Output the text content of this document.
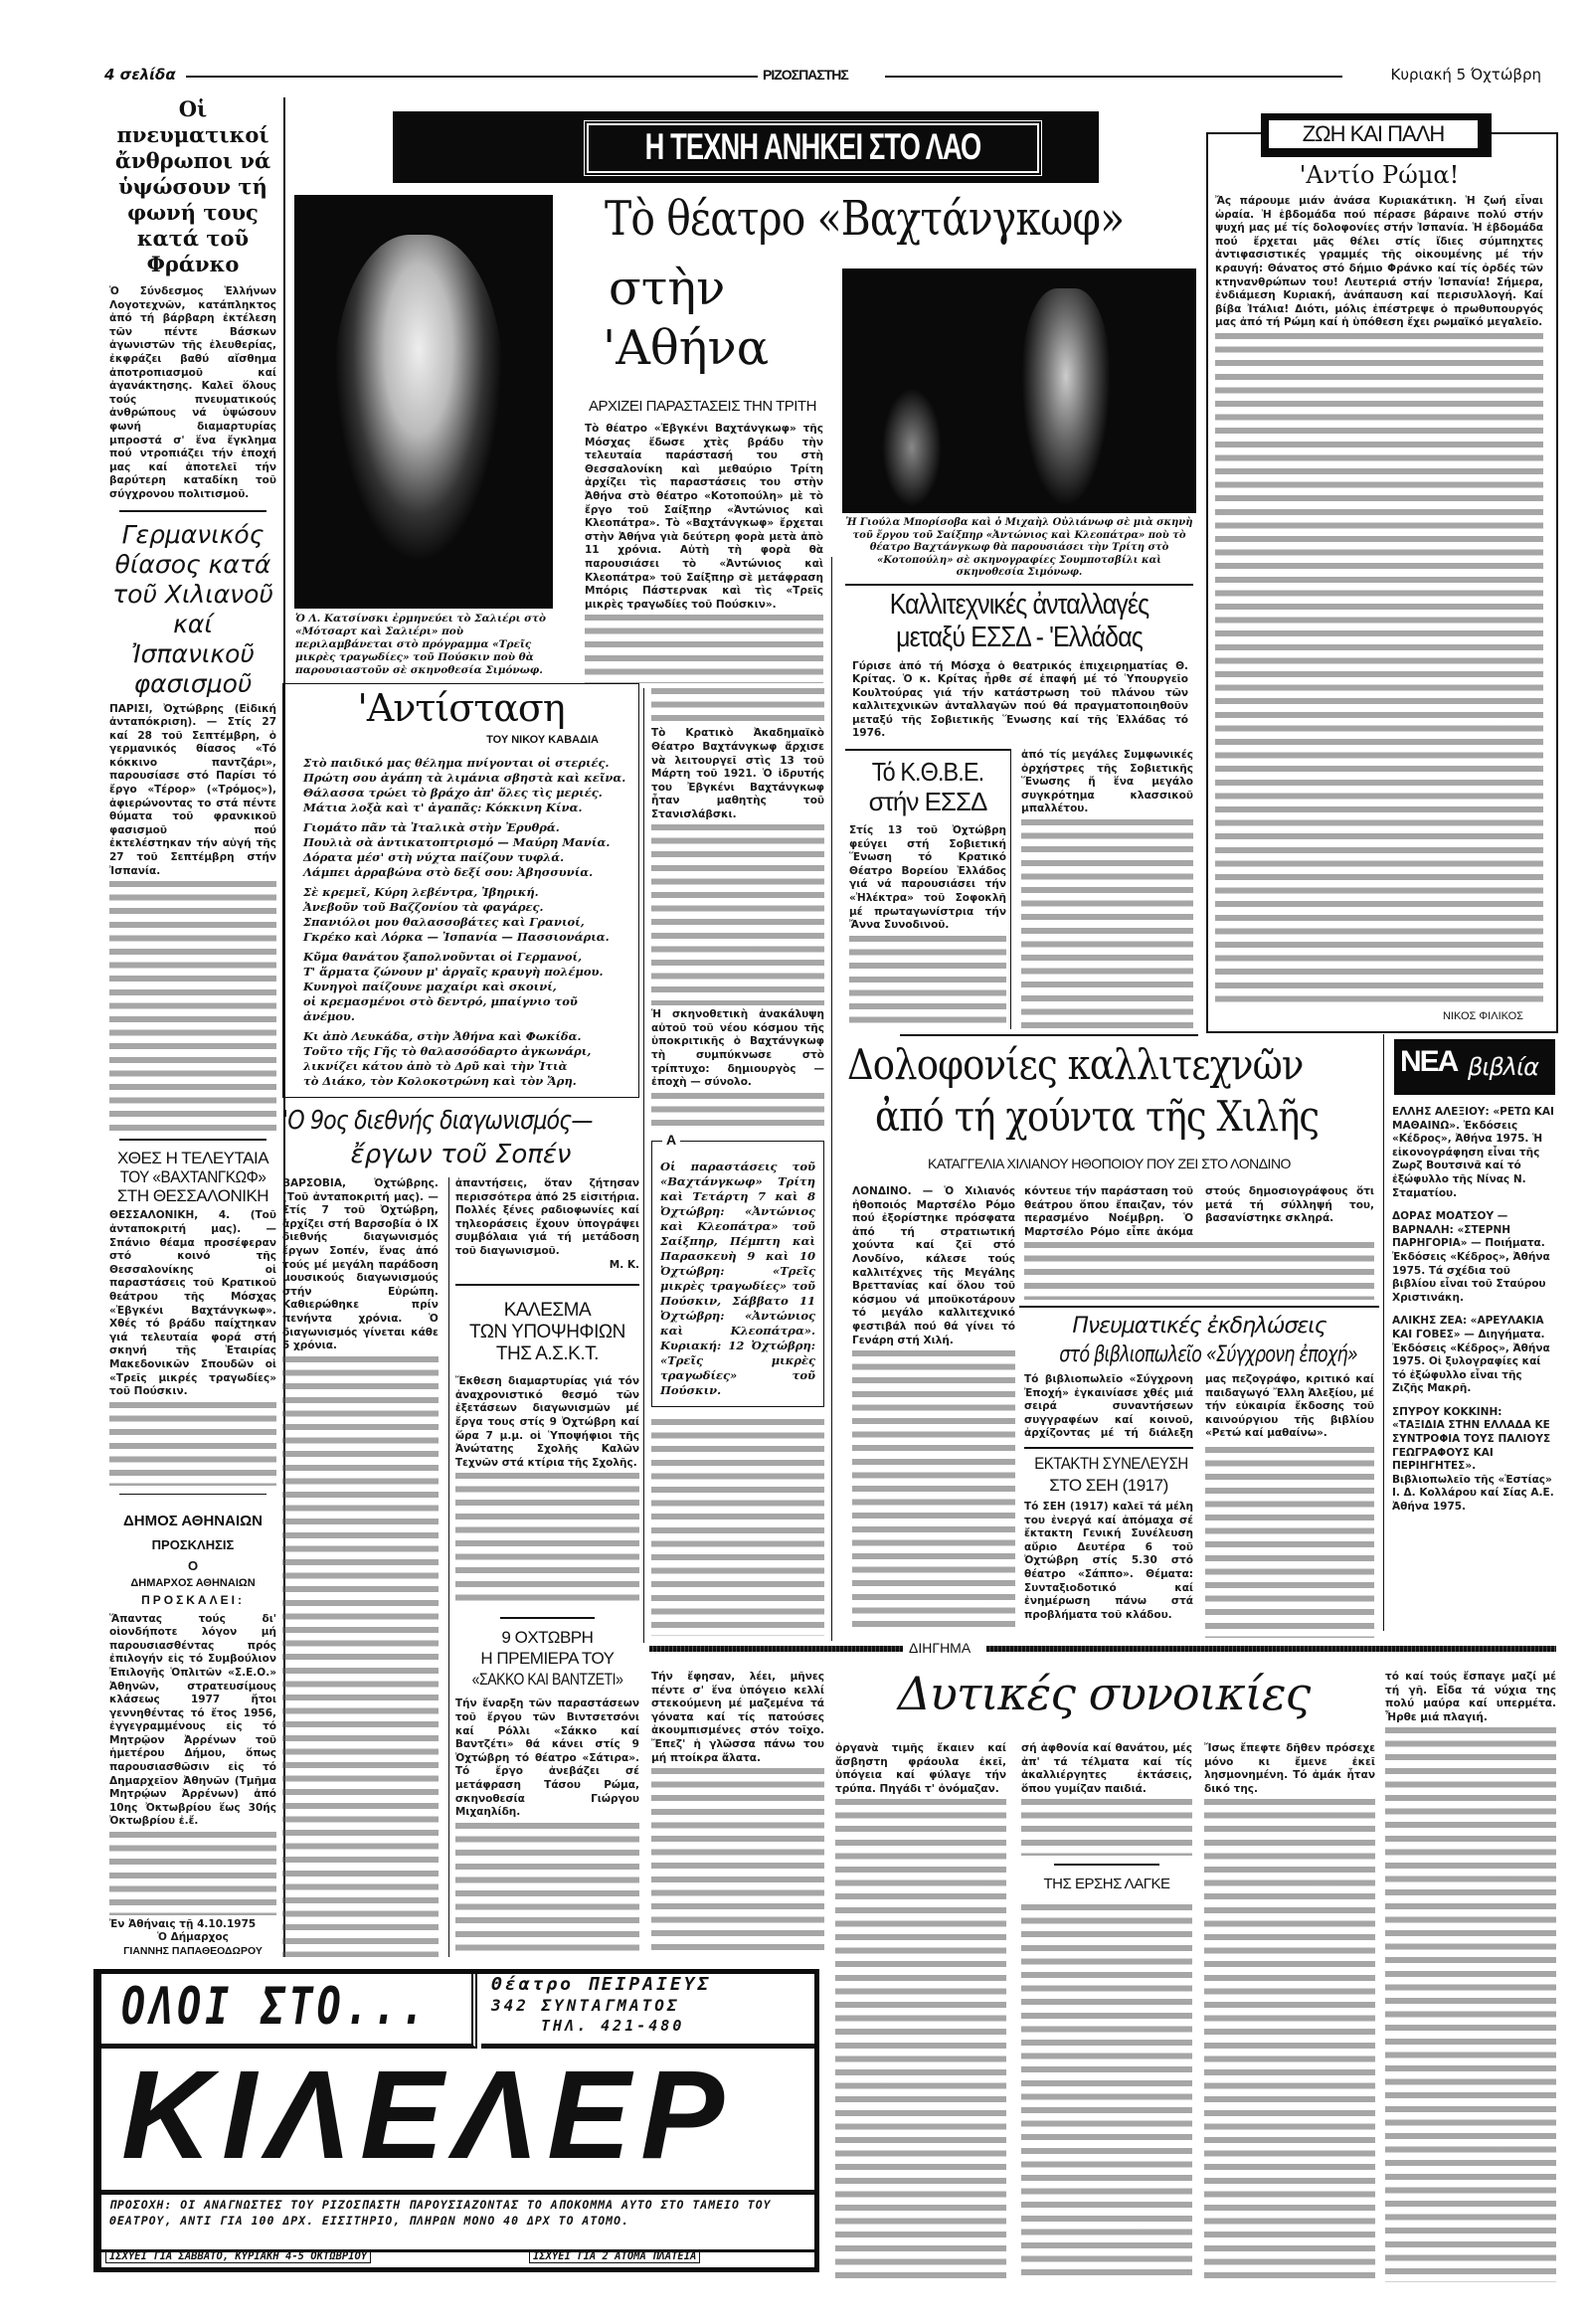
4 σελίδα	ΡΙΖΟΣΠΑΣΤΗΣ	Κυριακή 5 Όχτώβρη
Οἱ πνευματικοί ἄνθρωποι νά ὑψώσουν τή φωνή τους κατά τοῦ Φράνκο
Ὁ Σύνδεσμος Ἑλλήνων Λογοτεχνῶν, κατάπληκτος ἀπό τή βάρβαρη ἐκτέλεση τῶν πέντε Βάσκων ἀγωνιστῶν τῆς ἐλευθερίας, ἐκφράζει βαθύ αἴσθημα ἀποτροπιασμοῦ καί ἀγανάκτησης. Καλεῖ ὅλους τούς πνευματικούς ἀνθρώπους νά ὑψώσουν φωνή διαμαρτυρίας μπροστά σ' ἕνα ἔγκλημα πού ντροπιάζει τήν ἐποχή μας καί ἀποτελεῖ τήν βαρύτερη καταδίκη τοῦ σύγχρονου πολιτισμοῦ.
Γερμανικός θίασος κατά τοῦ Χιλιανοῦ καί Ἰσπανικοῦ φασισμοῦ
ΠΑΡΙΣΙ, Ὀχτώβρης (Εἰδική ἀνταπόκριση). — Στίς 27 καί 28 τοῦ Σεπτέμβρη, ὁ γερμανικός θίασος «Τό κόκκινο παντζάρι», παρουσίασε στό Παρίσι τό ἔργο «Τέρορ» («Τρόμος»), ἀφιερώνοντας το στά πέντε θύματα τοῦ φρανκικοῦ φασισμοῦ πού ἐκτελέστηκαν τήν αὐγή τῆς 27 τοῦ Σεπτέμβρη στήν Ἰσπανία.
ΧΘΕΣ Η ΤΕΛΕΥΤΑΙΑ
ΤΟΥ «ΒΑΧΤΑΝΓΚΩΦ»
ΣΤΗ ΘΕΣΣΑΛΟΝΙΚΗ
ΘΕΣΣΑΛΟΝΙΚΗ, 4. (Τοῦ ἀνταποκριτή μας). — Σπάνιο θέαμα προσέφεραν στό κοινό τῆς Θεσσαλονίκης οἱ παραστάσεις τοῦ Κρατικοῦ θεάτρου τῆς Μόσχας «Ἐβγκένι Βαχτάνγκωφ». Χθές τό βράδυ παίχτηκαν γιά τελευταία φορά στή σκηνή τῆς Ἑταιρίας Μακεδονικῶν Σπουδῶν οἱ «Τρεῖς μικρές τραγωδίες» τοῦ Πούσκιν.
ΔΗΜΟΣ ΑΘΗΝΑΙΩΝ
ΠΡΟΣΚΛΗΣΙΣ
Ο
ΔΗΜΑΡΧΟΣ ΑΘΗΝΑΙΩΝ
ΠΡΟΣΚΑΛΕΙ:
Ἅπαντας τούς δι' οἱονδήποτε λόγον μή παρουσιασθέντας πρός ἐπιλογήν εἰς τό Συμβούλιον Ἐπιλογῆς Ὁπλιτῶν «Σ.Ε.Ο.» Ἀθηνῶν, στρατευσίμους κλάσεως 1977 ἤτοι γεννηθέντας τό ἔτος 1956, ἐγγεγραμμένους εἰς τό Μητρῷον Ἀρρένων τοῦ ἡμετέρου Δήμου, ὅπως παρουσιασθῶσιν εἰς τό Δημαρχεῖον Ἀθηνῶν (Τμῆμα Μητρῴων Ἀρρένων) ἀπό 10ης Ὀκτωβρίου ἕως 30ής Ὀκτωβρίου ἐ.ἔ.
Ἐν Ἀθήναις τῇ 4.10.1975
Ὁ Δήμαρχος
ΓΙΑΝΝΗΣ ΠΑΠΑΘΕΟΔΩΡΟΥ
Η ΤΕΧΝΗ ΑΝΗΚΕΙ ΣΤΟ ΛΑΟ
Τὸ θέατρο «Βαχτάνγκωφ»
στὴν
'Αθήνα
ΑΡΧΙΖΕΙ ΠΑΡΑΣΤΑΣΕΙΣ ΤΗΝ ΤΡΙΤΗ
Τὸ θέατρο «Ἐβγκένι Βαχτάνγκωφ» τῆς Μόσχας ἔδωσε χτὲς βράδυ τὴν τελευταία παράστασή του στὴ Θεσσαλονίκη καὶ μεθαύριο Τρίτη ἀρχίζει τὶς παραστάσεις του στὴν Ἀθήνα στὸ θέατρο «Κοτοπούλη» μὲ τὸ ἔργο τοῦ Σαίξπηρ «Ἀντώνιος καὶ Κλεοπάτρα». Τὸ «Βαχτάνγκωφ» ἔρχεται στὴν Ἀθήνα γιὰ δεύτερη φορὰ μετὰ ἀπὸ 11 χρόνια. Αὐτὴ τὴ φορὰ θὰ παρουσιάσει τὸ «Ἀντώνιος καὶ Κλεοπάτρα» τοῦ Σαίξπηρ σὲ μετάφραση Μπόρις Πάστερνακ καὶ τὶς «Τρεῖς μικρὲς τραγωδίες τοῦ Πούσκιν».
Ἡ Γιούλα Μπορίσοβα καὶ ὁ Μιχαὴλ Οὐλιάνωφ σὲ μιὰ σκηνὴ τοῦ ἔργου τοῦ Σαίξπηρ «Ἀντώνιος καὶ Κλεοπάτρα» ποὺ τὸ θέατρο Βαχτάνγκωφ θὰ παρουσιάσει τὴν Τρίτη στὸ «Κοτοπούλη» σὲ σκηνογραφίες Σουμποτσβίλι καὶ σκηνοθεσία Σιμόνωφ.
Καλλιτεχνικές ἀνταλλαγές
μεταξύ ΕΣΣΔ - 'Ελλάδας
Γύρισε ἀπό τή Μόσχα ὁ θεατρικός ἐπιχειρηματίας Θ. Κρίτας. Ὁ κ. Κρίτας ἦρθε σέ ἐπαφή μέ τό Ὑπουργεῖο Κουλτούρας γιά τήν κατάστρωση τοῦ πλάνου τῶν καλλιτεχνικῶν ἀνταλλαγῶν πού θά πραγματοποιηθοῦν μεταξύ τῆς Σοβιετικῆς Ἕνωσης καί τῆς Ἑλλάδας τό 1976.
Τό Κ.Θ.Β.Ε.
στήν ΕΣΣΔ
Στίς 13 τοῦ Ὀχτώβρη φεύγει στή Σοβιετική Ἕνωση τό Κρατικό Θέατρο Βορείου Ἑλλάδος γιά νά παρουσιάσει τήν «Ἠλέκτρα» τοῦ Σοφοκλῆ μέ πρωταγωνίστρια τήν Ἄννα Συνοδινοῦ.
ἀπό τίς μεγάλες Συμφωνικές ὀρχήστρες τῆς Σοβιετικῆς Ἕνωσης ἤ ἕνα μεγάλο συγκρότημα κλασσικοῦ μπαλλέτου.
ΖΩΗ ΚΑΙ ΠΑΛΗ
'Αντίο Ρώμα!
Ἄς πάρουμε μιάν ἀνάσα Κυριακάτικη. Ἡ ζωή εἶναι ὡραία. Ἡ ἑβδομάδα πού πέρασε βάραινε πολύ στήν ψυχή μας μέ τίς δολοφονίες στήν Ἰσπανία. Ἡ ἑβδομάδα πού ἔρχεται μᾶς θέλει στίς ἴδιες σύμπηχτες ἀντιφασιστικές γραμμές τῆς οἰκουμένης μέ τήν κραυγή: Θάνατος στό δήμιο Φράνκο καί τίς ὀρδές τῶν κτηνανθρώπων του! Λευτεριά στήν Ἰσπανία! Σήμερα, ἐνδιάμεση Κυριακή, ἀνάπαυση καί περισυλλογή. Καί βίβα Ἰτάλια! Διότι, μόλις ἐπέστρεψε ὁ πρωθυπουργός μας ἀπό τή Ρώμη καί ἡ ὑπόθεση ἔχει ρωμαϊκό μεγαλεῖο.
ΝΙΚΟΣ ΦΙΛΙΚΟΣ
Ὁ Λ. Κατσίνσκι ἑρμηνεύει τὸ Σαλιέρι στὸ «Μότσαρτ καὶ Σαλιέρι» ποὺ περιλαμβάνεται στὸ πρόγραμμα «Τρεῖς μικρὲς τραγωδίες» τοῦ Πούσκιν ποὺ θὰ παρουσιαστοῦν σὲ σκηνοθεσία Σιμόνωφ.
'Αντίσταση
ΤΟΥ ΝΙΚΟΥ ΚΑΒΑΔΙΑ
Στὸ παιδικό μας θέλημα πνίγονται οἱ στεριές.
Πρώτη σου ἀγάπη τὰ λιμάνια σβηστὰ καὶ κεῖνα.
Θάλασσα τρώει τὸ βράχο ἀπ' ὅλες τὶς μεριές.
Μάτια λοξὰ καὶ τ' ἀγαπᾶς: Κόκκινη Κίνα.
Γιομάτο πᾶν τὰ Ἰταλικὰ στὴν Ἐρυθρά.
Πουλιὰ σὰ ἀντικατοπτρισμό — Μαύρη Μανία.
Δόρατα μέσ' στὴ νύχτα παίζουν τυφλά.
Λάμπει ἀρραβώνα στὸ δεξί σου: Ἀβησσυνία.
Σὲ κρεμεῖ, Κύρη λεβέντρα, Ἰβηρική.
Ἀνεβοῦν τοῦ Βαζζονίου τὰ φαγάρες.
Σπανιόλοι μου θαλασσοβάτες καὶ Γρανιοί,
Γκρέκο καὶ Λόρκα — Ἰσπανία — Πασσιονάρια.
Κῦμα θανάτου ξαπολνοῦνται οἱ Γερμανοί,
Τ' ἅρματα ζώνουν μ' ἀργαῖς κραυγὴ πολέμου.
Κυνηγοὶ παίζουνε μαχαίρι καὶ σκοινί,
οἱ κρεμασμένοι στὸ δεντρό, μπαίγνιο τοῦ ἀνέμου.
Κι ἀπὸ Λευκάδα, στὴν Ἀθήνα καὶ Φωκίδα.
Τοῦτο τῆς Γῆς τὸ θαλασσόδαρτο ἀγκωνάρι,
λικνίζει κάτου ἀπὸ τὸ Δρῦ καὶ τὴν Ἰτιὰ
τὸ Διάκο, τὸν Κολοκοτρώνη καὶ τὸν Ἄρη.
'Ο 9ος διεθνής διαγωνισμός—
ἔργων τοῦ Σοπέν
ΒΑΡΣΟΒΙΑ, Ὀχτώβρης. (Τοῦ ἀνταποκριτή μας). — Στίς 7 τοῦ Ὀχτώβρη, ἀρχίζει στή Βαρσοβία ὁ ΙΧ διεθνής διαγωνισμός ἔργων Σοπέν, ἕνας ἀπό τούς μέ μεγάλη παράδοση μουσικούς διαγωνισμούς στήν Εὐρώπη. Καθιερώθηκε πρίν πενήντα χρόνια. Ὁ διαγωνισμός γίνεται κάθε 5 χρόνια.
ἀπαντήσεις, ὅταν ζήτησαν περισσότερα ἀπό 25 εἰσιτήρια. Πολλές ξένες ραδιοφωνίες καί τηλεοράσεις ἔχουν ὑπογράψει συμβόλαια γιά τή μετάδοση τοῦ διαγωνισμοῦ.
Μ. Κ.
ΚΑΛΕΣΜΑ
ΤΩΝ ΥΠΟΨΗΦΙΩΝ
ΤΗΣ Α.Σ.Κ.Τ.
Ἔκθεση διαμαρτυρίας γιά τόν ἀναχρονιστικό θεσμό τῶν ἐξετάσεων διαγωνισμῶν μέ ἔργα τους στίς 9 Ὀχτώβρη καί ὥρα 7 μ.μ. οἱ Ὑποψήφιοι τῆς Ἀνώτατης Σχολῆς Καλῶν Τεχνῶν στά κτίρια τῆς Σχολῆς.
9 ΟΧΤΩΒΡΗ
Η ΠΡΕΜΙΕΡΑ ΤΟΥ
«ΣΑΚΚΟ ΚΑΙ ΒΑΝΤΖΕΤΙ»
Τήν ἔναρξη τῶν παραστάσεων τοῦ ἔργου τῶν Βιντσετσόνι καί Ρόλλι «Σάκκο καί Βαντζέτι» θά κάνει στίς 9 Ὀχτώβρη τό θέατρο «Σάτιρα». Τό ἔργο ἀνεβάζει σέ μετάφραση Τάσου Ρώμα, σκηνοθεσία Γιώργου Μιχαηλίδη.
Τὸ Κρατικὸ Ἀκαδημαϊκὸ Θέατρο Βαχτάνγκωφ ἄρχισε νὰ λειτουργεῖ στὶς 13 τοῦ Μάρτη τοῦ 1921. Ὁ ἱδρυτής του Ἐβγκένι Βαχτάνγκωφ ἦταν μαθητὴς τοῦ Στανισλάβσκι.
Ἡ σκηνοθετικὴ ἀνακάλυψη αὐτοῦ τοῦ νέου κόσμου τῆς ὑποκριτικῆς ὁ Βαχτάνγκωφ τὴ συμπύκνωσε στὸ τρίπτυχο: δημιουργὸς — ἐποχὴ — σύνολο.
Α
Οἱ παραστάσεις τοῦ «Βαχτάνγκωφ» Τρίτη καὶ Τετάρτη 7 καὶ 8 Ὀχτώβρη: «Ἀντώνιος καὶ Κλεοπάτρα» τοῦ Σαίξπηρ, Πέμπτη καὶ Παρασκευὴ 9 καὶ 10 Ὀχτώβρη: «Τρεῖς μικρὲς τραγωδίες» τοῦ Πούσκιν, Σάββατο 11 Ὀχτώβρη: «Ἀντώνιος καὶ Κλεοπάτρα». Κυριακή: 12 Ὀχτώβρη: «Τρεῖς μικρὲς τραγωδίες» τοῦ Πούσκιν.
Δολοφονίες καλλιτεχνῶν
ἀπό τή χούντα τῆς Χιλῆς
ΚΑΤΑΓΓΕΛΙΑ ΧΙΛΙΑΝΟΥ ΗΘΟΠΟΙΟΥ ΠΟΥ ΖΕΙ ΣΤΟ ΛΟΝΔΙΝΟ
ΛΟΝΔΙΝΟ. — Ὁ Χιλιανός ἠθοποιός Μαρτσέλο Ρόμο πού ἐξορίστηκε πρόσφατα ἀπό τή στρατιωτική χούντα καί ζεῖ στό Λονδίνο, κάλεσε τούς καλλιτέχνες τῆς Μεγάλης Βρεττανίας καί ὅλου τοῦ κόσμου νά μποϋκοτάρουν τό μεγάλο καλλιτεχνικό φεστιβάλ πού θά γίνει τό Γενάρη στή Χιλή.
κόντευε τήν παράσταση τοῦ θεάτρου ὅπου ἔπαιζαν, τόν περασμένο Νοέμβρη. Ὁ Μαρτσέλο Ρόμο εἶπε ἀκόμα στούς δημοσιογράφους ὅτι μετά τή σύλληψή του, βασανίστηκε σκληρά.
Πνευματικές ἐκδηλώσεις
στό βιβλιοπωλεῖο «Σύγχρονη ἐποχή»
Τό βιβλιοπωλεῖο «Σύγχρονη Ἐποχή» ἐγκαινίασε χθές μιά σειρά συναντήσεων συγγραφέων καί κοινοῦ, ἀρχίζοντας μέ τή διάλεξη μας πεζογράφο, κριτικό καί παιδαγωγό Ἔλλη Ἀλεξίου, μέ τήν εὐκαιρία ἔκδοσης τοῦ καινούργιου τῆς βιβλίου «Ρετώ καί μαθαίνω».
ΕΚΤΑΚΤΗ ΣΥΝΕΛΕΥΣΗ
ΣΤΟ ΣΕΗ (1917)
Τό ΣΕΗ (1917) καλεῖ τά μέλη του ἐνεργά καί ἀπόμαχα σέ ἔκτακτη Γενική Συνέλευση αὔριο Δευτέρα 6 τοῦ Ὀχτώβρη στίς 5.30 στό θέατρο «Σάππο». Θέματα: Συνταξιοδοτικό καί ἐνημέρωση πάνω στά προβλήματα τοῦ κλάδου.
ΝΕΑ βιβλία
ΕΛΛΗΣ ΑΛΕΞΙΟΥ: «ΡΕΤΩ ΚΑΙ ΜΑΘΑΙΝΩ». Ἐκδόσεις «Κέδρος», Ἀθήνα 1975. Ἡ εἰκονογράφηση εἶναι τῆς Ζωρζ Βουτσινᾶ καί τό ἐξώφυλλο τῆς Νίνας Ν. Σταματίου.
ΔΟΡΑΣ ΜΟΑΤΣΟΥ — ΒΑΡΝΑΛΗ: «ΣΤΕΡΝΗ ΠΑΡΗΓΟΡΙΑ» — Ποιήματα. Ἐκδόσεις «Κέδρος», Ἀθήνα 1975. Τά σχέδια τοῦ βιβλίου εἶναι τοῦ Σταύρου Χριστινάκη.
ΑΛΙΚΗΣ ΖΕΑ: «ΑΡΕΥΛΑΚΙΑ ΚΑΙ ΓΟΒΕΣ» — Διηγήματα. Ἐκδόσεις «Κέδρος», Ἀθήνα 1975. Οἱ ξυλογραφίες καί τό ἐξώφυλλο εἶναι τῆς Ζιζῆς Μακρῆ.
ΣΠΥΡΟΥ ΚΟΚΚΙΝΗ: «ΤΑΞΙΔΙΑ ΣΤΗΝ ΕΛΛΑΔΑ ΚΕ ΣΥΝΤΡΟΦΙΑ ΤΟΥΣ ΠΑΛΙΟΥΣ ΓΕΩΓΡΑΦΟΥΣ ΚΑΙ ΠΕΡΙΗΓΗΤΕΣ». Βιβλιοπωλεῖο τῆς «Ἑστίας» Ι. Δ. Κολλάρου καί Σίας Α.Ε. Ἀθήνα 1975.
ΔΙΗΓΗΜΑ
Δυτικές συνοικίες
Τήν ἔφησαν, λέει, μῆνες πέντε σ' ἕνα ὑπόγειο κελλί στεκούμενη μέ μαζεμένα τά γόνατα καί τίς πατούσες ἀκουμπισμένες στόν τοῖχο. Ἔπεζ' ἡ γλῶσσα πάνω του μή πτοίκρα ἄλατα.
ὀργανὰ τιμῆς ἔκαιεν καί ἄσβηστη φράουλα ἐκεῖ, ὑπόγεια καί φύλαγε τήν τρύπα. Πηγάδι τ' ὀνόμαζαν.
σή ἀφθονία καί θανάτου, μές ἀπ' τά τέλματα καί τίς ἀκαλλιέργητες ἐκτάσεις, ὅπου γυμίζαν παιδιά.
ΤΗΣ ΕΡΣΗΣ ΛΑΓΚΕ
Ἴσως ἔπεφτε δῆθεν πρόσεχε μόνο κι ἔμενε ἐκεῖ λησμονημένη. Τό ἀμάκ ἦταν δικό της.
τό καί τούς ἔσπαγε μαζί μέ τή γῆ. Εἶδα τά νύχια της πολύ μαύρα καί υπερμέτα. Ἦρθε μιά πλαγιή.
ΟΛΟΙ ΣΤΟ...	Θέατρο ΠΕΙΡΑΙΕΥΣ
342 ΣΥΝΤΑΓΜΑΤΟΣ
ΤΗΛ. 421-480
ΚΙΛΕΛΕΡ
ΠΡΟΣΟΧΗ: ΟΙ ΑΝΑΓΝΩΣΤΕΣ ΤΟΥ ΡΙΖΟΣΠΑΣΤΗ ΠΑΡΟΥΣΙΑΖΟΝΤΑΣ ΤΟ ΑΠΟΚΟΜΜΑ ΑΥΤΟ ΣΤΟ ΤΑΜΕΙΟ ΤΟΥ ΘΕΑΤΡΟΥ, ΑΝΤΙ ΓΙΑ 100 ΔΡΧ. ΕΙΣΙΤΗΡΙΟ, ΠΛΗΡΩΝ ΜΟΝΟ 40 ΔΡΧ ΤΟ ΑΤΟΜΟ.
ΙΣΧΥΕΙ ΓΙΑ ΣΑΒΒΑΤΟ, ΚΥΡΙΑΚΗ 4-5 ΟΚΤΩΒΡΙΟΥ	ΙΣΧΥΕΙ ΓΙΑ 2 ΑΤΟΜΑ ΠΛΑΤΕΙΑ
